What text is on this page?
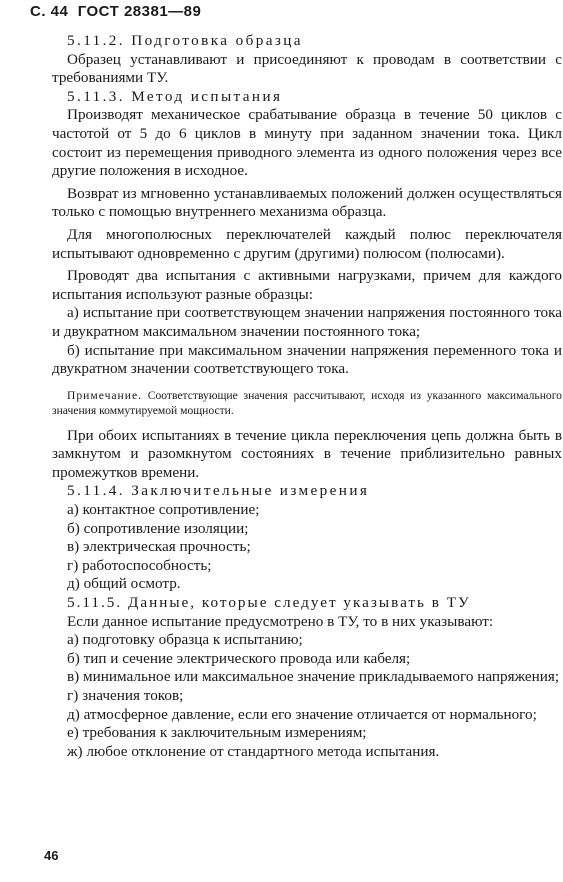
С. 44 ГОСТ 28381—89

5.11.2. Подготовка образца

Образец устанавливают и присоединяют к проводам в соответствии с требованиями ТУ.

5.11.3. Метод испытания

Производят механическое срабатывание образца в течение 50 циклов с частотой от 5 до 6 циклов в минуту при заданном значении тока. Цикл состоит из перемещения приводного элемента из одного положения через все другие положения в исходное.

Возврат из мгновенно устанавливаемых положений должен осуществляться только с помощью внутреннего механизма образца.

Для многополюсных переключателей каждый полюс переключателя испытывают одновременно с другим (другими) полюсом (полюсами).

Проводят два испытания с активными нагрузками, причем для каждого испытания используют разные образцы:

а) испытание при соответствующем значении напряжения постоянного тока и двукратном максимальном значении постоянного тока;

б) испытание при максимальном значении напряжения переменного тока и двукратном значении соответствующего тока.

Примечание. Соответствующие значения рассчитывают, исходя из указанного максимального значения коммутируемой мощности.

При обоих испытаниях в течение цикла переключения цепь должна быть в замкнутом и разомкнутом состояниях в течение приблизительно равных промежутков времени.

5.11.4. Заключительные измерения

а) контактное сопротивление;

б) сопротивление изоляции;

в) электрическая прочность;

г) работоспособность;

д) общий осмотр.

5.11.5. Данные, которые следует указывать в ТУ

Если данное испытание предусмотрено в ТУ, то в них указывают:

а) подготовку образца к испытанию;

б) тип и сечение электрического провода или кабеля;

в) минимальное или максимальное значение прикладываемого напряжения;

г) значения токов;

д) атмосферное давление, если его значение отличается от нормального;

е) требования к заключительным измерениям;

ж) любое отклонение от стандартного метода испытания.

46
